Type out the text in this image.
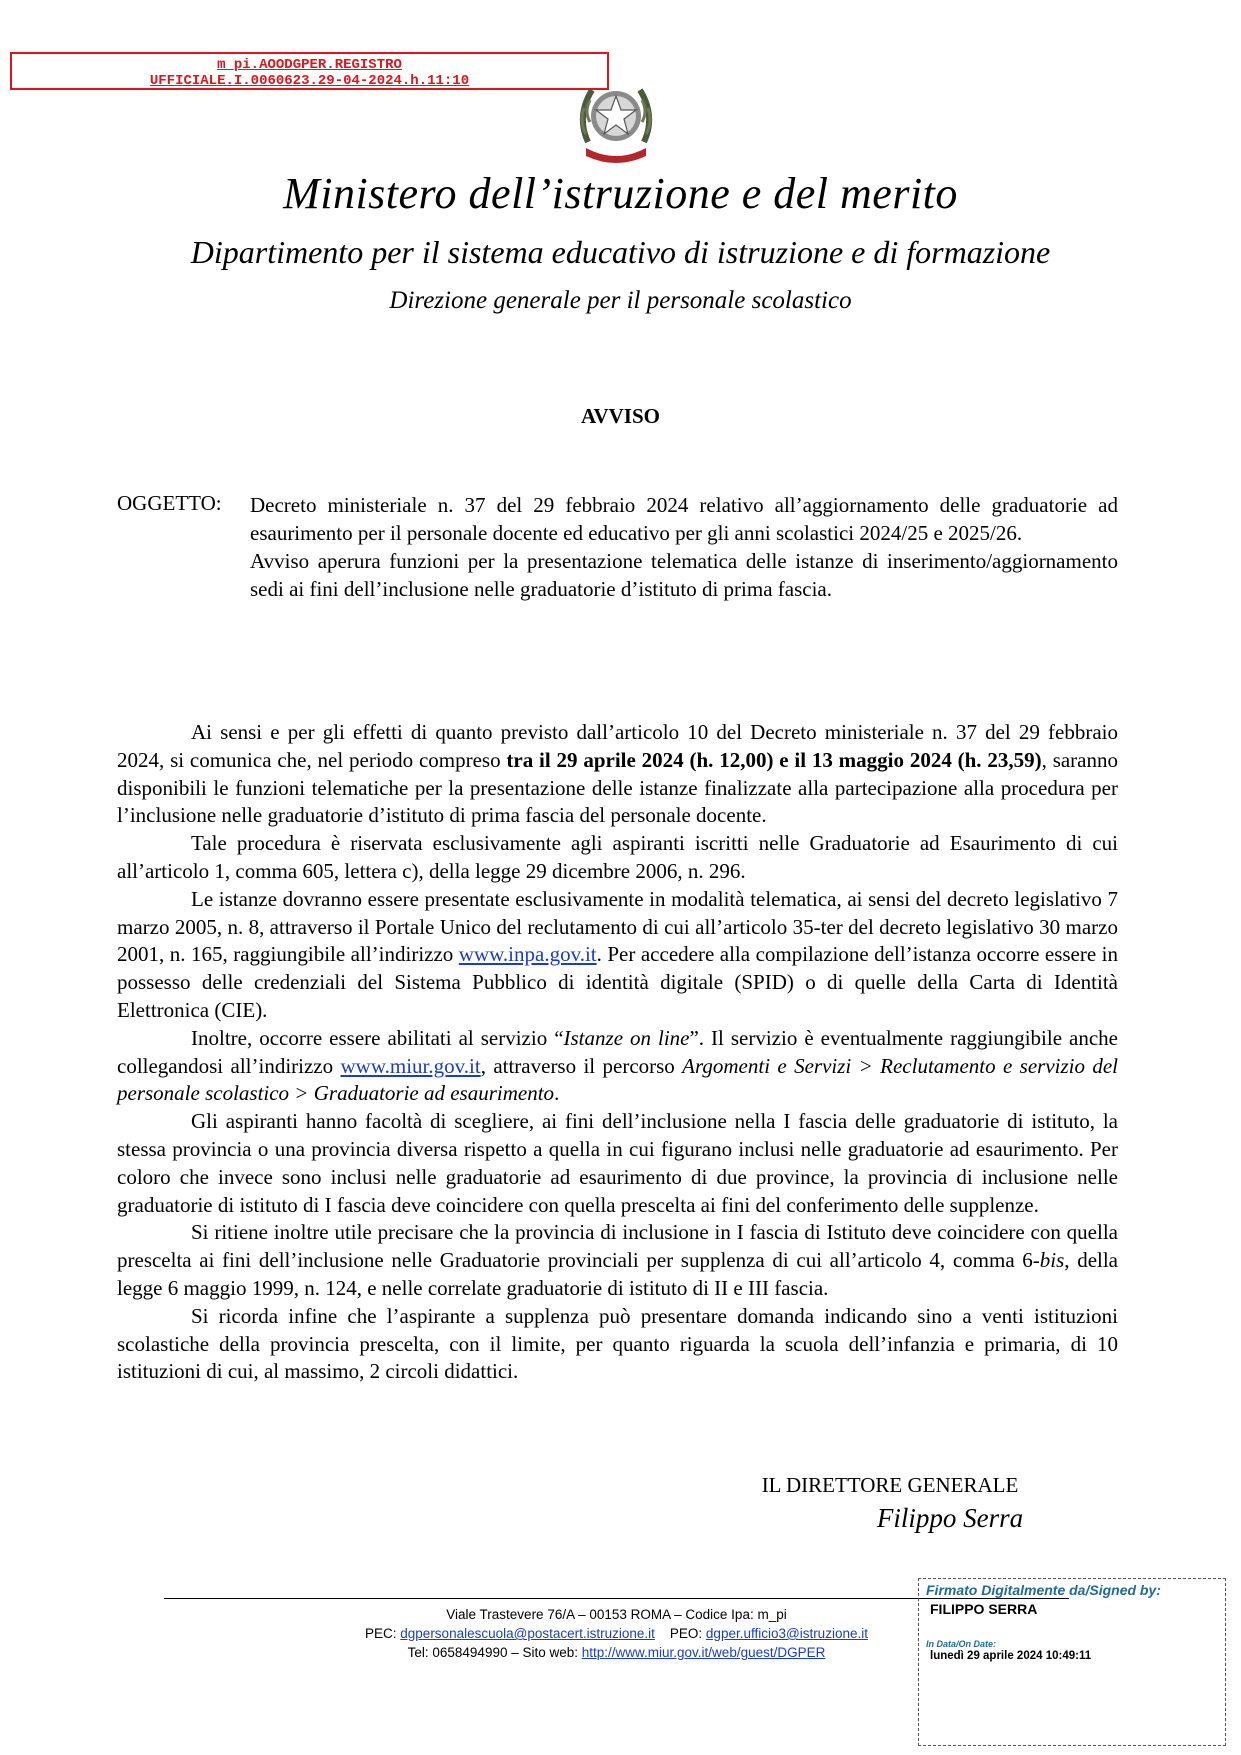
m_pi.AOODGPER.REGISTRO
UFFICIALE.I.0060623.29-04-2024.h.11:10
Ministero dell’istruzione e del merito
Dipartimento per il sistema educativo di istruzione e di formazione
Direzione generale per il personale scolastico
AVVISO
OGGETTO: Decreto ministeriale n. 37 del 29 febbraio 2024 relativo all’aggiornamento delle graduatorie ad esaurimento per il personale docente ed educativo per gli anni scolastici 2024/25 e 2025/26.

Avviso aperura funzioni per la presentazione telematica delle istanze di inserimento/aggiornamento sedi ai fini dell’inclusione nelle graduatorie d’istituto di prima fascia.

Ai sensi e per gli effetti di quanto previsto dall’articolo 10 del Decreto ministeriale n. 37 del 29 febbraio 2024, si comunica che, nel periodo compreso tra il 29 aprile 2024 (h. 12,00) e il 13 maggio 2024 (h. 23,59), saranno disponibili le funzioni telematiche per la presentazione delle istanze finalizzate alla partecipazione alla procedura per l’inclusione nelle graduatorie d’istituto di prima fascia del personale docente.

Tale procedura è riservata esclusivamente agli aspiranti iscritti nelle Graduatorie ad Esaurimento di cui all’articolo 1, comma 605, lettera c), della legge 29 dicembre 2006, n. 296.

Le istanze dovranno essere presentate esclusivamente in modalità telematica, ai sensi del decreto legislativo 7 marzo 2005, n. 8, attraverso il Portale Unico del reclutamento di cui all’articolo 35-ter del decreto legislativo 30 marzo 2001, n. 165, raggiungibile all’indirizzo www.inpa.gov.it. Per accedere alla compilazione dell’istanza occorre essere in possesso delle credenziali del Sistema Pubblico di identità digitale (SPID) o di quelle della Carta di Identità Elettronica (CIE).

Inoltre, occorre essere abilitati al servizio “Istanze on line”. Il servizio è eventualmente raggiungibile anche collegandosi all’indirizzo www.miur.gov.it, attraverso il percorso Argomenti e Servizi > Reclutamento e servizio del personale scolastico > Graduatorie ad esaurimento.

Gli aspiranti hanno facoltà di scegliere, ai fini dell’inclusione nella I fascia delle graduatorie di istituto, la stessa provincia o una provincia diversa rispetto a quella in cui figurano inclusi nelle graduatorie ad esaurimento. Per coloro che invece sono inclusi nelle graduatorie ad esaurimento di due province, la provincia di inclusione nelle graduatorie di istituto di I fascia deve coincidere con quella prescelta ai fini del conferimento delle supplenze.

Si ritiene inoltre utile precisare che la provincia di inclusione in I fascia di Istituto deve coincidere con quella prescelta ai fini dell’inclusione nelle Graduatorie provinciali per supplenza di cui all’articolo 4, comma 6-bis, della legge 6 maggio 1999, n. 124, e nelle correlate graduatorie di istituto di II e III fascia.

Si ricorda infine che l’aspirante a supplenza può presentare domanda indicando sino a venti istituzioni scolastiche della provincia prescelta, con il limite, per quanto riguarda la scuola dell’infanzia e primaria, di 10 istituzioni di cui, al massimo, 2 circoli didattici.

IL DIRETTORE GENERALE
Filippo Serra
Viale Trastevere 76/A – 00153 ROMA – Codice Ipa: m_pi
PEC: dgpersonalescuola@postacert.istruzione.it PEO: dgper.ufficio3@istruzione.it
Tel: 0658494990 – Sito web: http://www.miur.gov.it/web/guest/DGPER
Firmato Digitalmente da/Signed by:
FILIPPO SERRA
In Data/On Date:
lunedì 29 aprile 2024 10:49:11
